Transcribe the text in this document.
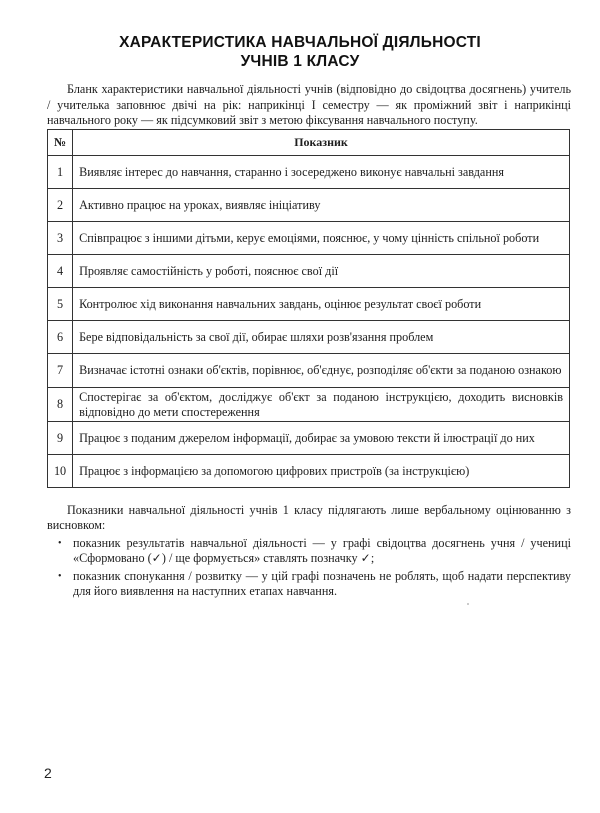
ХАРАКТЕРИСТИКА НАВЧАЛЬНОЇ ДІЯЛЬНОСТІ
УЧНІВ 1 КЛАСУ

Бланк характеристики навчальної діяльності учнів (відповідно до свідоцтва досягнень) учитель / учителька заповнює двічі на рік: наприкінці І семестру — як проміжний звіт і наприкінці навчального року — як підсумковий звіт з метою фіксування навчального поступу.

№	Показник
1	Виявляє інтерес до навчання, старанно і зосереджено виконує навчальні завдання
2	Активно працює на уроках, виявляє ініціативу
3	Співпрацює з іншими дітьми, керує емоціями, пояснює, у чому цінність спільної роботи
4	Проявляє самостійність у роботі, пояснює свої дії
5	Контролює хід виконання навчальних завдань, оцінює результат своєї роботи
6	Бере відповідальність за свої дії, обирає шляхи розв'язання проблем
7	Визначає істотні ознаки об'єктів, порівнює, об'єднує, розподіляє об'єкти за поданою ознакою
8	Спостерігає за об'єктом, досліджує об'єкт за поданою інструкцією, доходить висновків відповідно до мети спостереження
9	Працює з поданим джерелом інформації, добирає за умовою тексти й ілюстрації до них
10	Працює з інформацією за допомогою цифрових пристроїв (за інструкцією)

Показники навчальної діяльності учнів 1 класу підлягають лише вербальному оцінюванню з висновком:

• показник результатів навчальної діяльності — у графі свідоцтва досягнень учня / учениці «Сформовано (✓) / ще формується» ставлять позначку ✓;
• показник спонукання / розвитку — у цій графі позначень не роблять, щоб надати перспективу для його виявлення на наступних етапах навчання.
2
